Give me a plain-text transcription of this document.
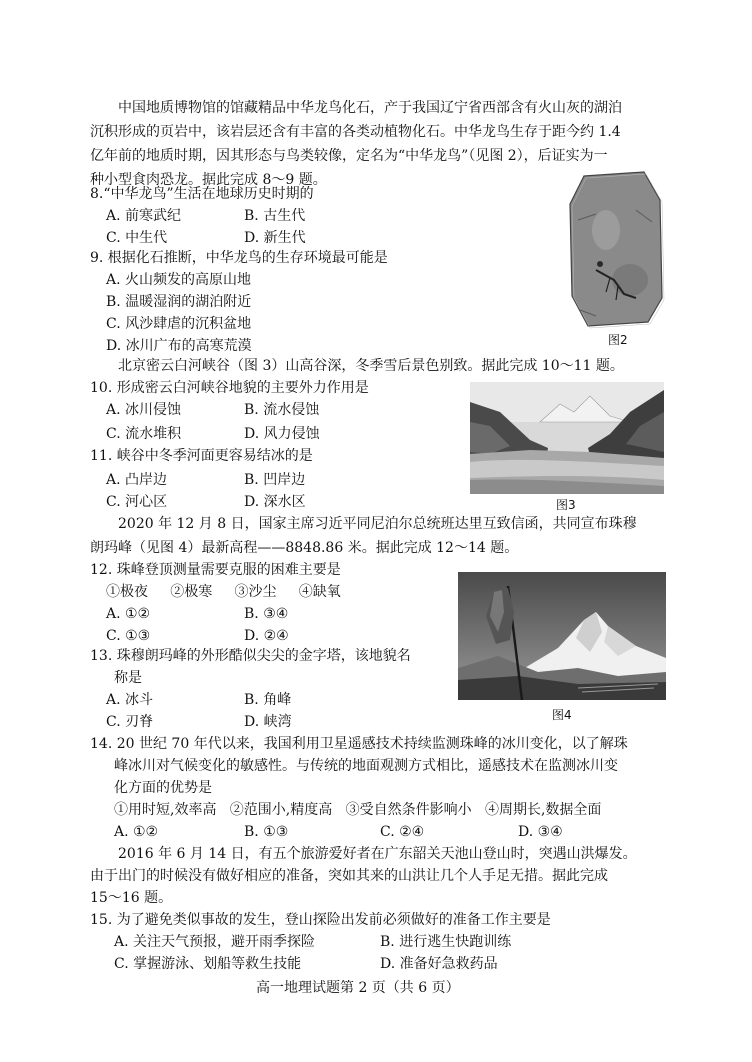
中国地质博物馆的馆藏精品中华龙鸟化石，产于我国辽宁省西部含有火山灰的湖泊
沉积形成的页岩中，该岩层还含有丰富的各类动植物化石。中华龙鸟生存于距今约 1.4
亿年前的地质时期，因其形态与鸟类较像，定名为“中华龙鸟”（见图 2），后证实为一
种小型食肉恐龙。据此完成 8～9 题。
图2
8.“中华龙鸟”生活在地球历史时期的
A. 前寒武纪	B. 古生代
C. 中生代	D. 新生代
9. 根据化石推断，中华龙鸟的生存环境最可能是
A. 火山频发的高原山地
B. 温暖湿润的湖泊附近
C. 风沙肆虐的沉积盆地
D. 冰川广布的高寒荒漠
北京密云白河峡谷（图 3）山高谷深，冬季雪后景色别致。据此完成 10～11 题。
10. 形成密云白河峡谷地貌的主要外力作用是
A. 冰川侵蚀	B. 流水侵蚀
C. 流水堆积	D. 风力侵蚀
图3
11. 峡谷中冬季河面更容易结冰的是
A. 凸岸边	B. 凹岸边
C. 河心区	D. 深水区
2020 年 12 月 8 日，国家主席习近平同尼泊尔总统班达里互致信函，共同宣布珠穆
朗玛峰（见图 4）最新高程——8848.86 米。据此完成 12～14 题。
12. 珠峰登顶测量需要克服的困难主要是
①极夜     ②极寒     ③沙尘     ④缺氧
A. ①②	B. ③④
C. ①③	D. ②④
图4
13. 珠穆朗玛峰的外形酷似尖尖的金字塔，该地貌名
称是
A. 冰斗	B. 角峰
C. 刃脊	D. 峡湾
14. 20 世纪 70 年代以来，我国利用卫星遥感技术持续监测珠峰的冰川变化，以了解珠
峰冰川对气候变化的敏感性。与传统的地面观测方式相比，遥感技术在监测冰川变
化方面的优势是
①用时短,效率高   ②范围小,精度高   ③受自然条件影响小   ④周期长,数据全面
A. ①②	B. ①③	C. ②④	D. ③④
2016 年 6 月 14 日，有五个旅游爱好者在广东韶关天池山登山时，突遇山洪爆发。
由于出门的时候没有做好相应的准备，突如其来的山洪让几个人手足无措。据此完成
15～16 题。
15. 为了避免类似事故的发生，登山探险出发前必须做好的准备工作主要是
A. 关注天气预报，避开雨季探险	B. 进行逃生快跑训练
C. 掌握游泳、划船等救生技能	D. 准备好急救药品
高一地理试题第 2 页（共 6 页）
